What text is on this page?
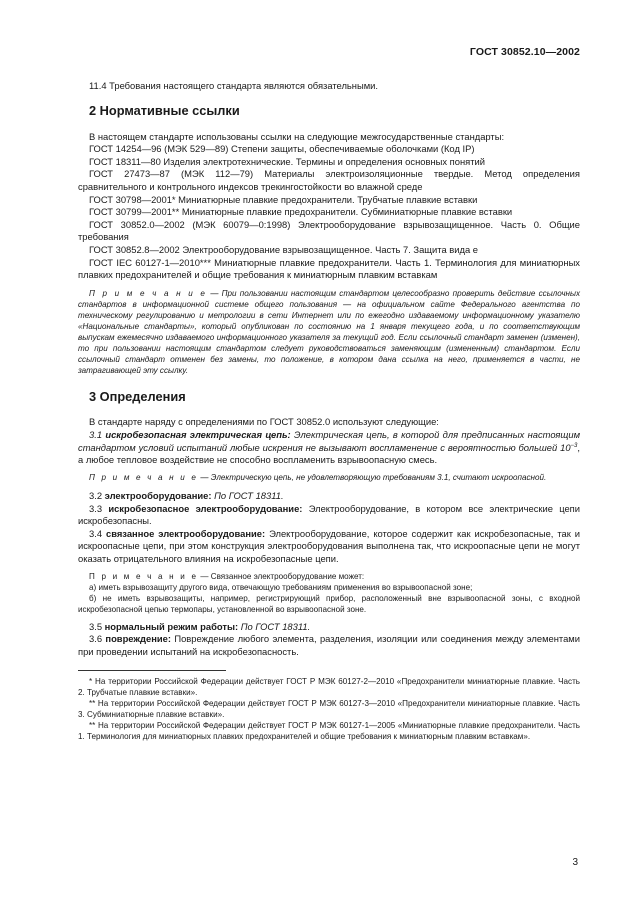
ГОСТ 30852.10—2002

11.4 Требования настоящего стандарта являются обязательными.

2 Нормативные ссылки

В настоящем стандарте использованы ссылки на следующие межгосударственные стандарты:

ГОСТ 14254—96 (МЭК 529—89) Степени защиты, обеспечиваемые оболочками (Код IP)

ГОСТ 18311—80 Изделия электротехнические. Термины и определения основных понятий

ГОСТ 27473—87 (МЭК 112—79) Материалы электроизоляционные твердые. Метод определения сравнительного и контрольного индексов трекингостойкости во влажной среде

ГОСТ 30798—2001* Миниатюрные плавкие предохранители. Трубчатые плавкие вставки

ГОСТ 30799—2001** Миниатюрные плавкие предохранители. Субминиатюрные плавкие вставки

ГОСТ 30852.0—2002 (МЭК 60079—0:1998) Электрооборудование взрывозащищенное. Часть 0. Общие требования

ГОСТ 30852.8—2002 Электрооборудование взрывозащищенное. Часть 7. Защита вида е

ГОСТ IEC 60127-1—2010*** Миниатюрные плавкие предохранители. Часть 1. Терминология для миниатюрных плавких предохранителей и общие требования к миниатюрным плавким вставкам

П р и м е ч а н и е — При пользовании настоящим стандартом целесообразно проверить действие ссылочных стандартов в информационной системе общего пользования — на официальном сайте Федерального агентства по техническому регулированию и метрологии в сети Интернет или по ежегодно издаваемому информационному указателю «Национальные стандарты», который опубликован по состоянию на 1 января текущего года, и по соответствующим выпускам ежемесячно издаваемого информационного указателя за текущий год. Если ссылочный стандарт заменен (изменен), то при пользовании настоящим стандартом следует руководствоваться заменяющим (измененным) стандартом. Если ссылочный стандарт отменен без замены, то положение, в котором дана ссылка на него, применяется в части, не затрагивающей эту ссылку.

3 Определения

В стандарте наряду с определениями по ГОСТ 30852.0 используют следующие:

3.1 искробезопасная электрическая цепь: Электрическая цепь, в которой для предписанных настоящим стандартом условий испытаний любые искрения не вызывают воспламенение с вероятностью большей $10^{-3}$, а любое тепловое воздействие не способно воспламенить взрывоопасную смесь.

П р и м е ч а н и е — Электрическую цепь, не удовлетворяющую требованиям 3.1, считают искроопасной.

3.2 электрооборудование: По ГОСТ 18311.

3.3 искробезопасное электрооборудование: Электрооборудование, в котором все электрические цепи искробезопасны.

3.4 связанное электрооборудование: Электрооборудование, которое содержит как искробезопасные, так и искроопасные цепи, при этом конструкция электрооборудования выполнена так, что искроопасные цепи не могут оказать отрицательного влияния на искробезопасные цепи.

П р и м е ч а н и е — Связанное электрооборудование может:

а) иметь взрывозащиту другого вида, отвечающую требованиям применения во взрывоопасной зоне;

б) не иметь взрывозащиты, например, регистрирующий прибор, расположенный вне взрывоопасной зоны, с входной искробезопасной цепью термопары, установленной во взрывоопасной зоне.

3.5 нормальный режим работы: По ГОСТ 18311.

3.6 повреждение: Повреждение любого элемента, разделения, изоляции или соединения между элементами при проведении испытаний на искробезопасность.

* На территории Российской Федерации действует ГОСТ Р МЭК 60127-2—2010 «Предохранители миниатюрные плавкие. Часть 2. Трубчатые плавкие вставки».

** На территории Российской Федерации действует ГОСТ Р МЭК 60127-3—2010 «Предохранители миниатюрные плавкие. Часть 3. Субминиатюрные плавкие вставки».

** На территории Российской Федерации действует ГОСТ Р МЭК 60127-1—2005 «Миниатюрные плавкие предохранители. Часть 1. Терминология для миниатюрных плавких предохранителей и общие требования к миниатюрным плавким вставкам».

3
